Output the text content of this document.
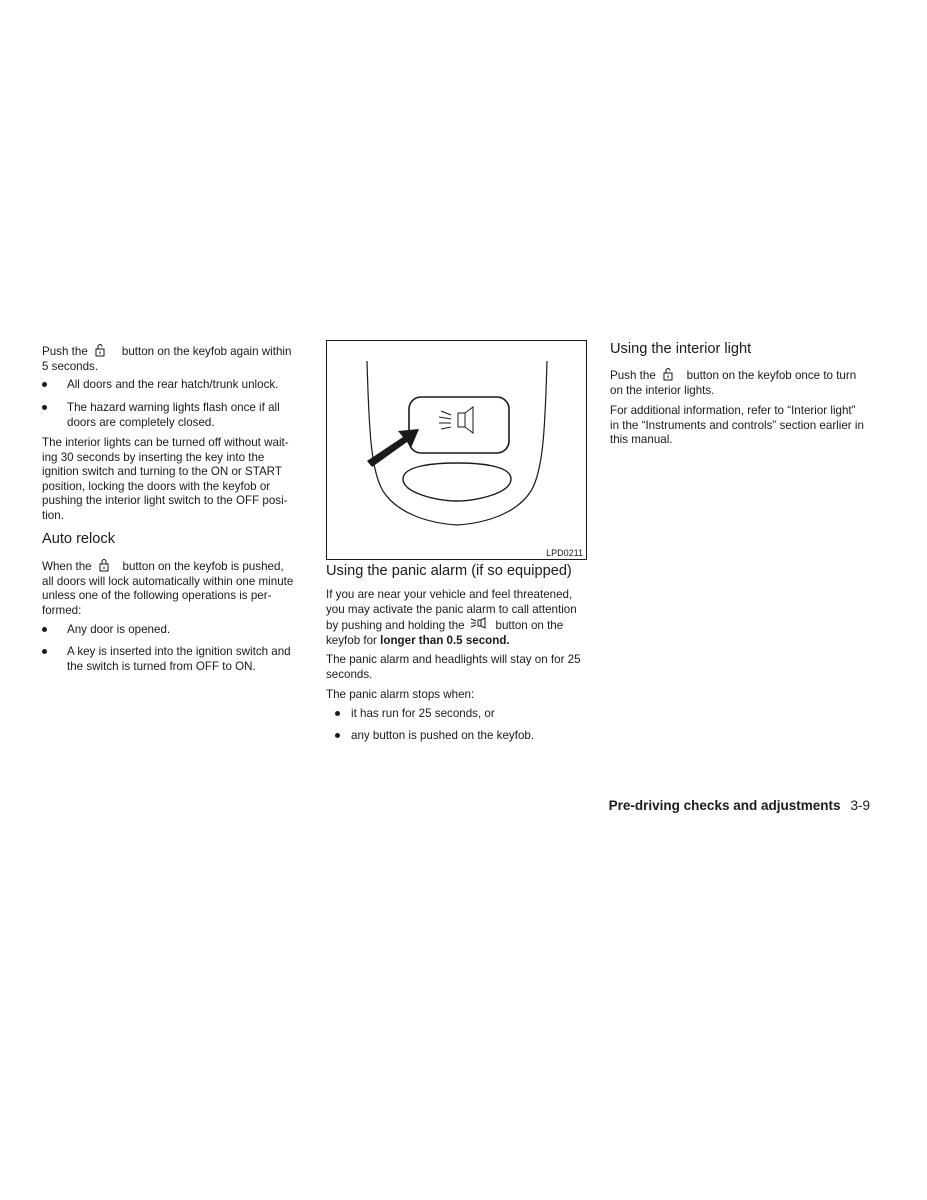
Push the	button on the keyfob again within
5 seconds.

All doors and the rear hatch/trunk unlock.
The hazard warning lights flash once if all
doors are completely closed.

The interior lights can be turned off without wait-
ing 30 seconds by inserting the key into the
ignition switch and turning to the ON or START
position, locking the doors with the keyfob or
pushing the interior light switch to the OFF posi-
tion.

Auto relock

When the	button on the keyfob is pushed,
all doors will lock automatically within one minute
unless one of the following operations is per-
formed:

Any door is opened.
A key is inserted into the ignition switch and
the switch is turned from OFF to ON.
LPD0211
Using the panic alarm (if so equipped)

If you are near your vehicle and feel threatened,
you may activate the panic alarm to call attention
by pushing and holding the	button on the
keyfob for longer than 0.5 second.

The panic alarm and headlights will stay on for 25
seconds.

The panic alarm stops when:

it has run for 25 seconds, or
any button is pushed on the keyfob.
Using the interior light

Push the	button on the keyfob once to turn
on the interior lights.

For additional information, refer to “Interior light”
in the “Instruments and controls” section earlier in
this manual.

Pre-driving checks and adjustments 3-9
